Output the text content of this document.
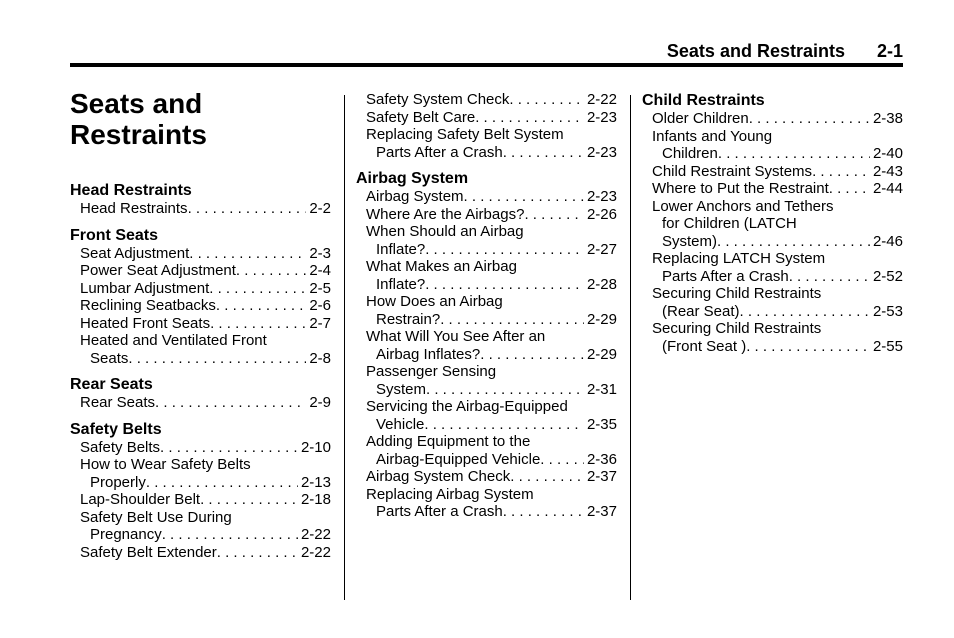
Seats and Restraints 2-1
Seats and Restraints
Head Restraints
Head Restraints . . .	2-2
Front Seats
Seat Adjustment . . .	2-3
Power Seat Adjustment . . .	2-4
Lumbar Adjustment . . .	2-5
Reclining Seatbacks . . .	2-6
Heated Front Seats . . .	2-7
Heated and Ventilated Front
Seats . . .	2-8
Rear Seats
Rear Seats . . .	2-9
Safety Belts
Safety Belts . . .	2-10
How to Wear Safety Belts
Properly . . .	2-13
Lap-Shoulder Belt . . .	2-18
Safety Belt Use During
Pregnancy . . .	2-22
Safety Belt Extender . . .	2-22
Safety System Check . . .	2-22
Safety Belt Care . . .	2-23
Replacing Safety Belt System
Parts After a Crash . . .	2-23
Airbag System
Airbag System . . .	2-23
Where Are the Airbags? . . .	2-26
When Should an Airbag
Inflate? . . .	2-27
What Makes an Airbag
Inflate? . . .	2-28
How Does an Airbag
Restrain? . . .	2-29
What Will You See After an
Airbag Inflates? . . .	2-29
Passenger Sensing
System . . .	2-31
Servicing the Airbag-Equipped
Vehicle . . .	2-35
Adding Equipment to the
Airbag-Equipped Vehicle . . .	2-36
Airbag System Check . . .	2-37
Replacing Airbag System
Parts After a Crash . . .	2-37
Child Restraints
Older Children . . .	2-38
Infants and Young
Children . . .	2-40
Child Restraint Systems . . .	2-43
Where to Put the Restraint . . .	2-44
Lower Anchors and Tethers
for Children (LATCH
System) . . .	2-46
Replacing LATCH System
Parts After a Crash . . .	2-52
Securing Child Restraints
(Rear Seat) . . .	2-53
Securing Child Restraints
(Front Seat ) . . .	2-55
